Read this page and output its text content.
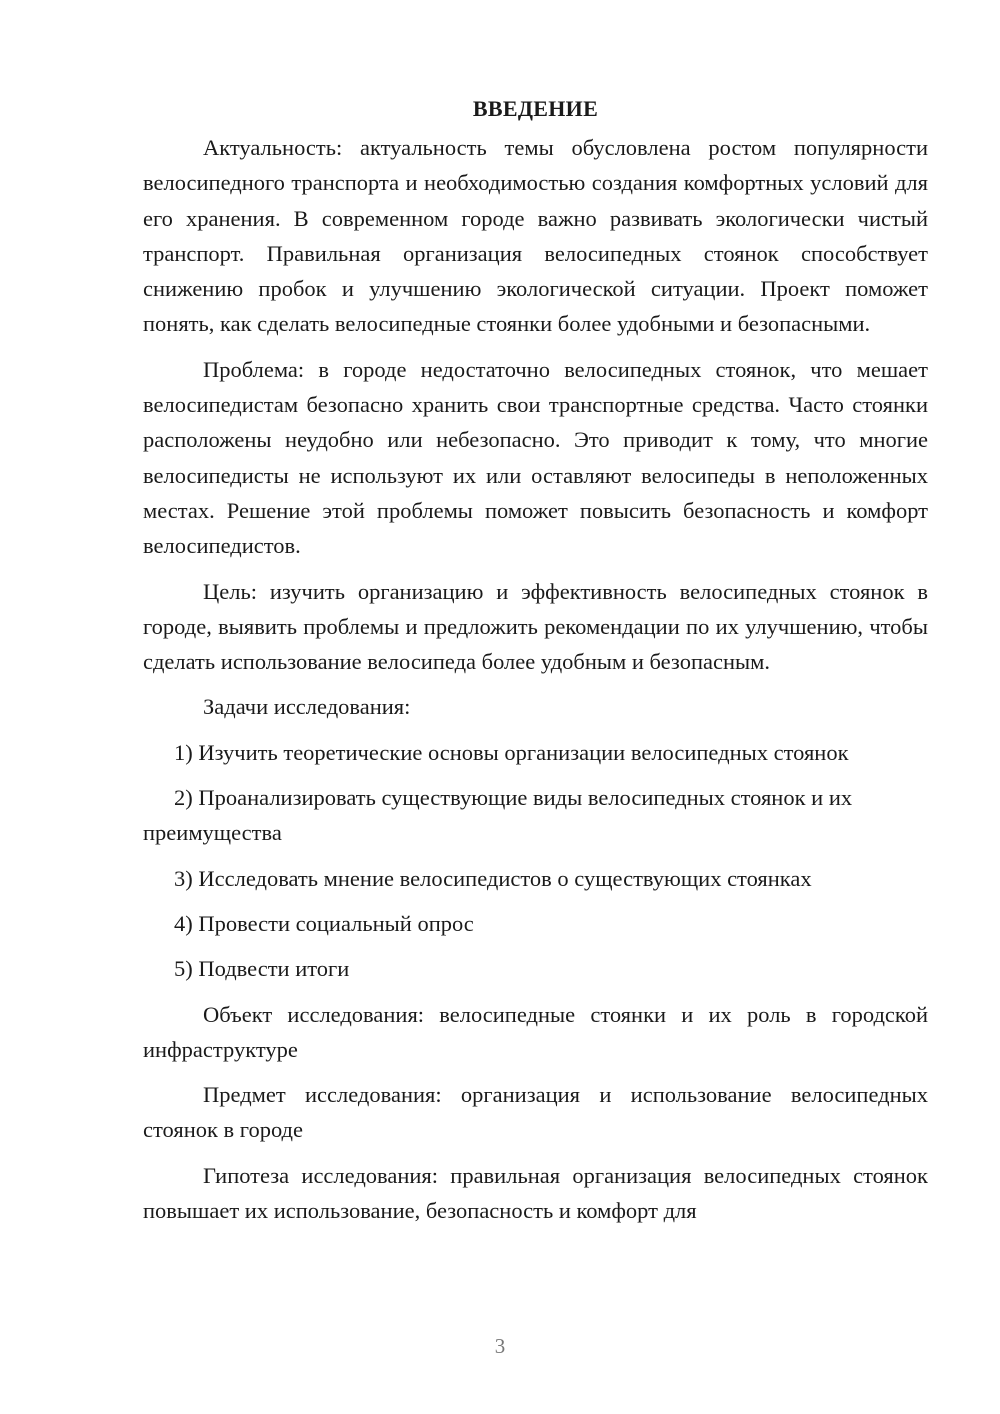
ВВЕДЕНИЕ

Актуальность: актуальность темы обусловлена ростом популярности велосипедного транспорта и необходимостью создания комфортных условий для его хранения. В современном городе важно развивать экологически чистый транспорт. Правильная организация велосипедных стоянок способствует снижению пробок и улучшению экологической ситуации. Проект поможет понять, как сделать велосипедные стоянки более удобными и безопасными.

Проблема: в городе недостаточно велосипедных стоянок, что мешает велосипедистам безопасно хранить свои транспортные средства. Часто стоянки расположены неудобно или небезопасно. Это приводит к тому, что многие велосипедисты не используют их или оставляют велосипеды в неположенных местах. Решение этой проблемы поможет повысить безопасность и комфорт велосипедистов.

Цель: изучить организацию и эффективность велосипедных стоянок в городе, выявить проблемы и предложить рекомендации по их улучшению, чтобы сделать использование велосипеда более удобным и безопасным.

Задачи исследования:

1) Изучить теоретические основы организации велосипедных стоянок

2) Проанализировать существующие виды велосипедных стоянок и их преимущества

3) Исследовать мнение велосипедистов о существующих стоянках

4) Провести социальный опрос

5) Подвести итоги

Объект исследования: велосипедные стоянки и их роль в городской инфраструктуре

Предмет исследования: организация и использование велосипедных стоянок в городе

Гипотеза исследования: правильная организация велосипедных стоянок повышает их использование, безопасность и комфорт для

3
